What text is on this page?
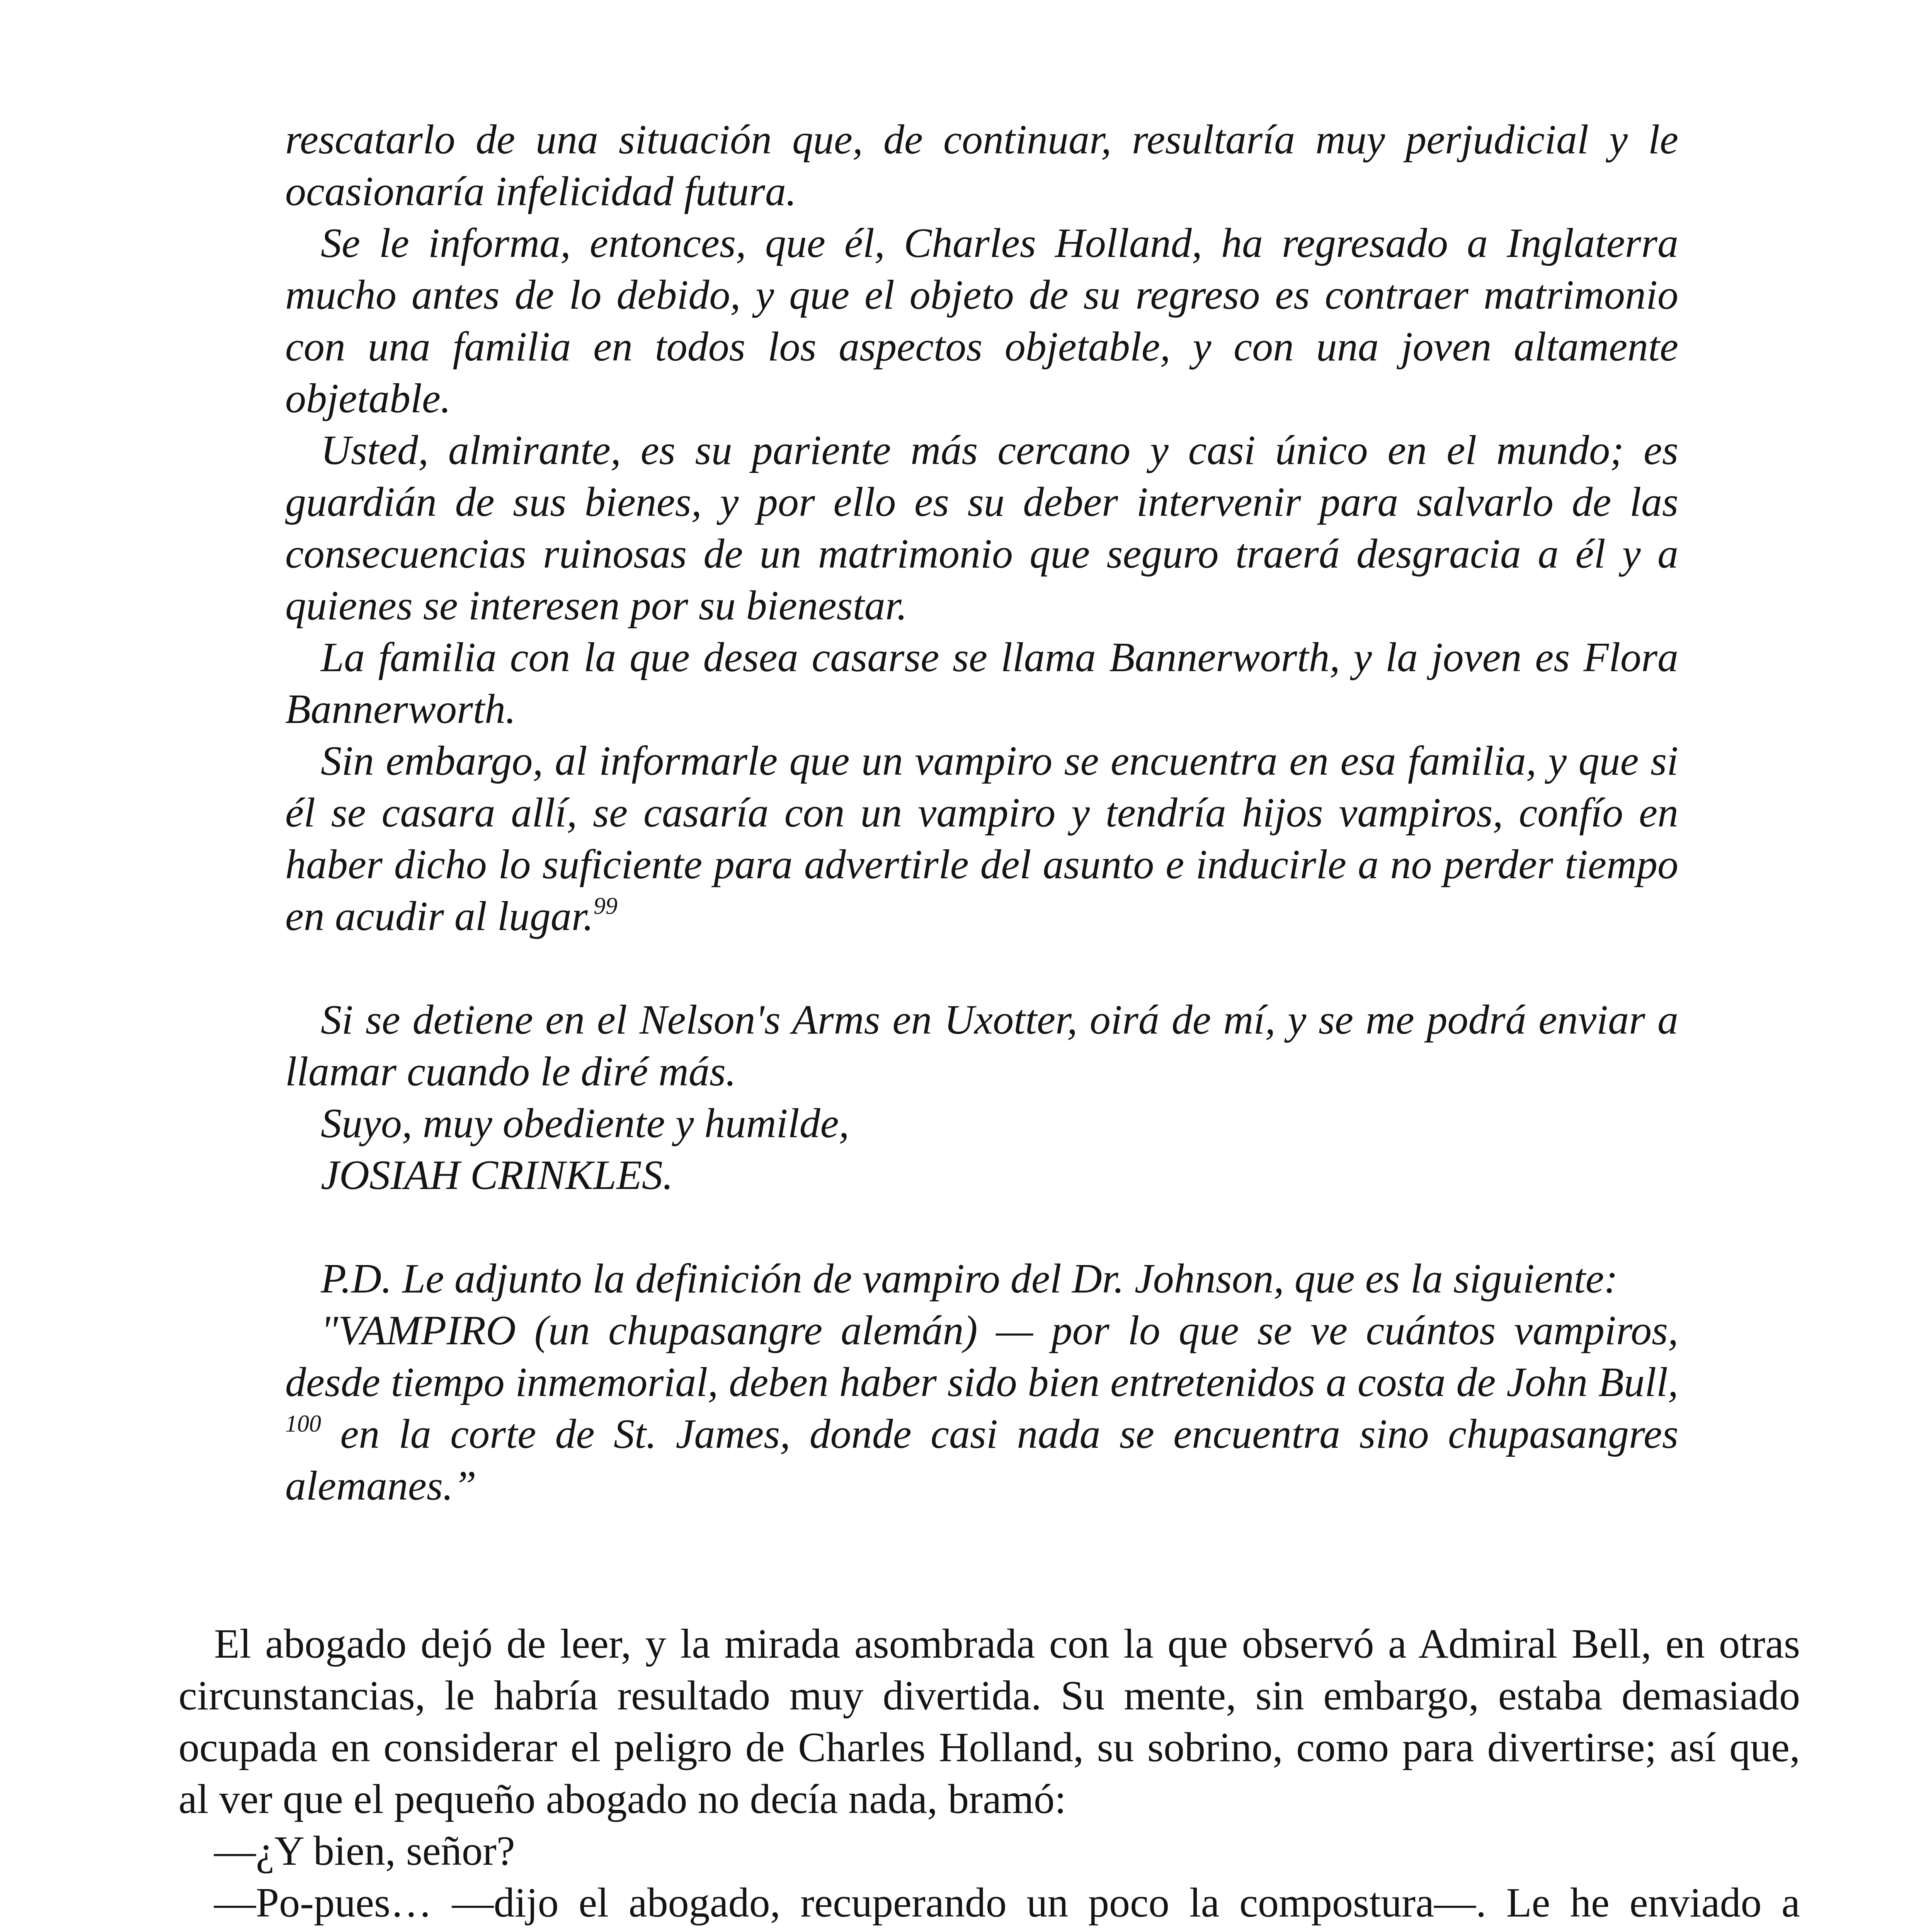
rescatarlo de una situación que, de continuar, resultaría muy perjudicial y le ocasionaría infelicidad futura.

Se le informa, entonces, que él, Charles Holland, ha regresado a Inglaterra mucho antes de lo debido, y que el objeto de su regreso es contraer matrimonio con una familia en todos los aspectos objetable, y con una joven altamente objetable.

Usted, almirante, es su pariente más cercano y casi único en el mundo; es guardián de sus bienes, y por ello es su deber intervenir para salvarlo de las consecuencias ruinosas de un matrimonio que seguro traerá desgracia a él y a quienes se interesen por su bienestar.

La familia con la que desea casarse se llama Bannerworth, y la joven es Flora Bannerworth.

Sin embargo, al informarle que un vampiro se encuentra en esa familia, y que si él se casara allí, se casaría con un vampiro y tendría hijos vampiros, confío en haber dicho lo suficiente para advertirle del asunto e inducirle a no perder tiempo en acudir al lugar.$^{99}$

Si se detiene en el Nelson's Arms en Uxotter, oirá de mí, y se me podrá enviar a llamar cuando le diré más.

Suyo, muy obediente y humilde,

JOSIAH CRINKLES.

P.D. Le adjunto la definición de vampiro del Dr. Johnson, que es la siguiente:

"VAMPIRO (un chupasangre alemán) — por lo que se ve cuántos vampiros, desde tiempo inmemorial, deben haber sido bien entretenidos a costa de John Bull, $^{100}$ en la corte de St. James, donde casi nada se encuentra sino chupasangres alemanes.”

El abogado dejó de leer, y la mirada asombrada con la que observó a Admiral Bell, en otras circunstancias, le habría resultado muy divertida. Su mente, sin embargo, estaba demasiado ocupada en considerar el peligro de Charles Holland, su sobrino, como para divertirse; así que, al ver que el pequeño abogado no decía nada, bramó:

—¿Y bien, señor?

—Po-pues… —dijo el abogado, recuperando un poco la compostura—. Le he enviado a
